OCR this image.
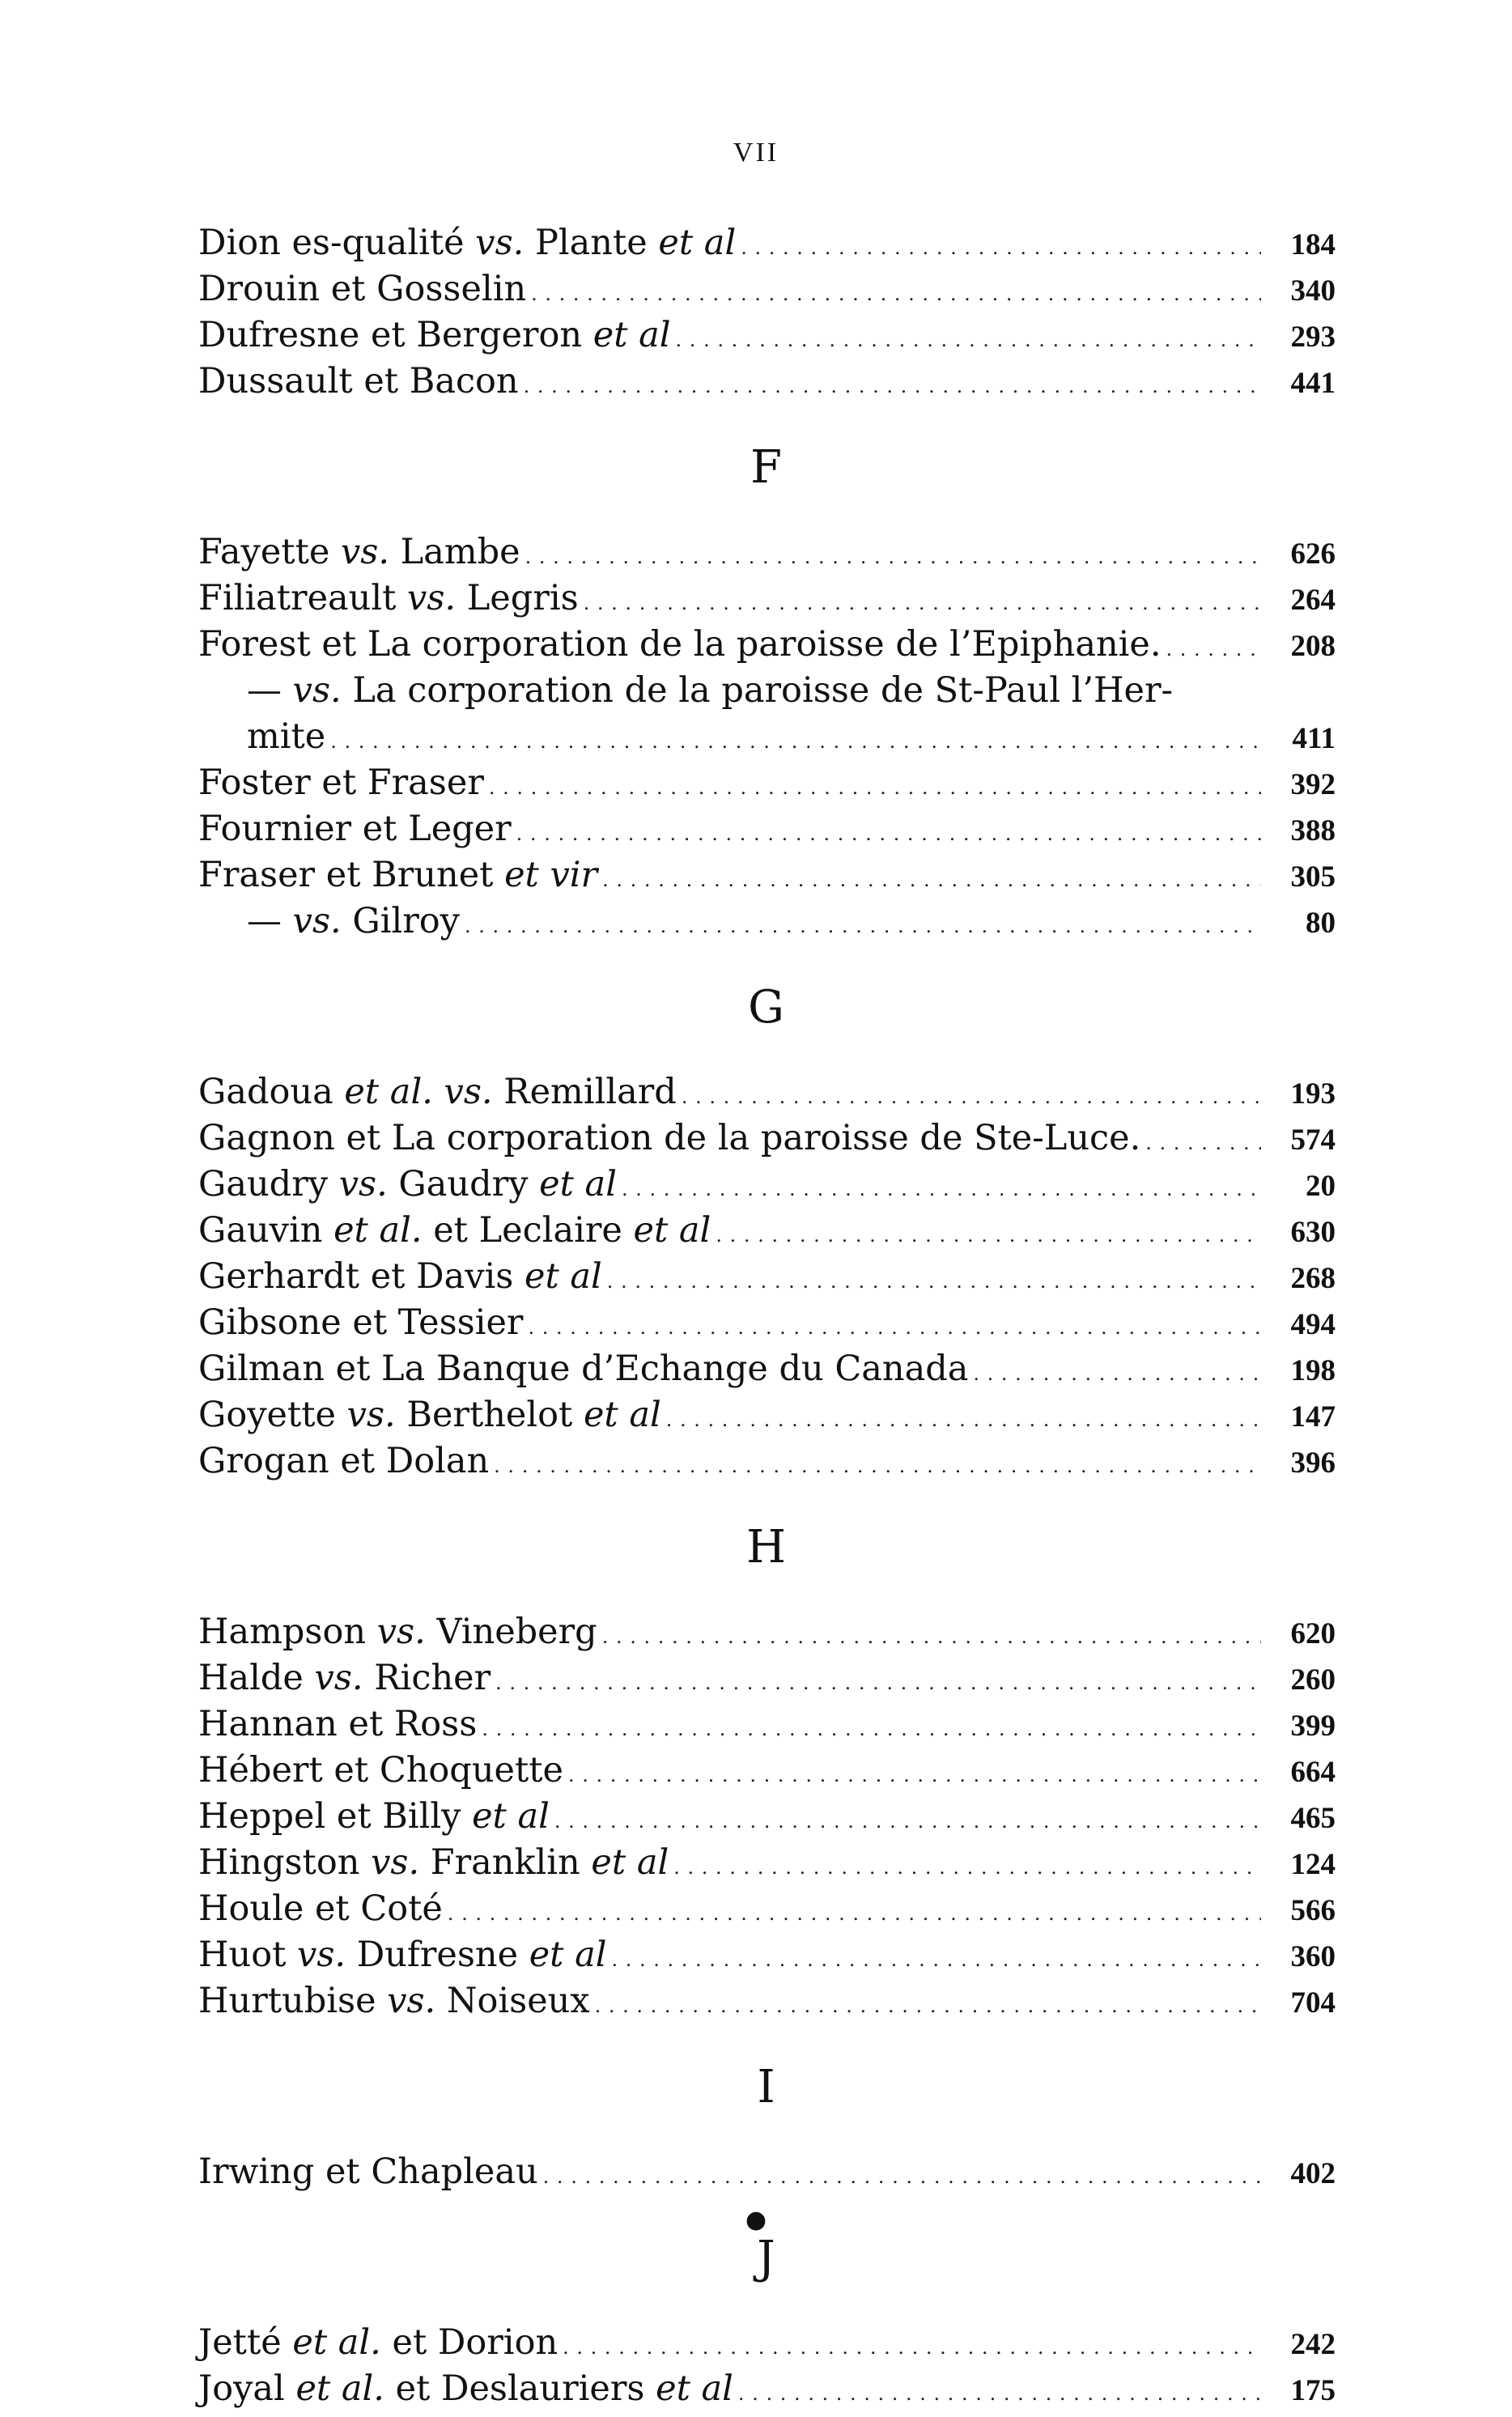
VII
Dion es-qualité vs. Plante et al . . .	184
Drouin et Gosselin . . .	340
Dufresne et Bergeron et al . . .	293
Dussault et Bacon . . .	441
F
Fayette vs. Lambe . . .	626
Filiatreault vs. Legris . . .	264
Forest et La corporation de la paroisse de l’Epiphanie. . . .	208
— vs. La corporation de la paroisse de St-Paul l’Her-
mite . . .	411
Foster et Fraser . . .	392
Fournier et Leger . . .	388
Fraser et Brunet et vir . . .	305
— vs. Gilroy . . .	80
G
Gadoua et al. vs. Remillard . . .	193
Gagnon et La corporation de la paroisse de Ste-Luce. . . .	574
Gaudry vs. Gaudry et al . . .	20
Gauvin et al. et Leclaire et al . . .	630
Gerhardt et Davis et al . . .	268
Gibsone et Tessier . . .	494
Gilman et La Banque d’Echange du Canada . . .	198
Goyette vs. Berthelot et al . . .	147
Grogan et Dolan . . .	396
H
Hampson vs. Vineberg . . .	620
Halde vs. Richer . . .	260
Hannan et Ross . . .	399
Hébert et Choquette . . .	664
Heppel et Billy et al . . .	465
Hingston vs. Franklin et al . . .	124
Houle et Coté . . .	566
Huot vs. Dufresne et al . . .	360
Hurtubise vs. Noiseux . . .	704
I
Irwing et Chapleau . . .	402
J
Jetté et al. et Dorion . . .	242
Joyal et al. et Deslauriers et al . . .	175
●
